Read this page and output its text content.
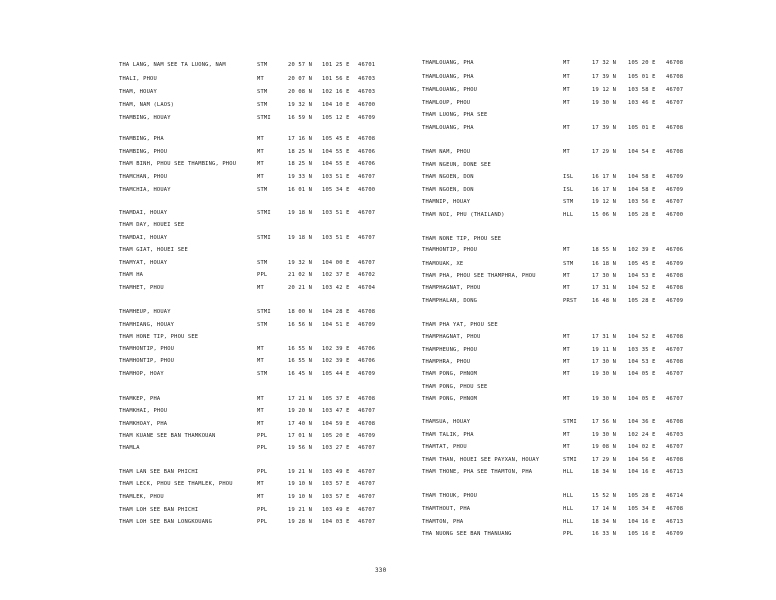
THA LANG, NAM SEE TA LUONG, NAM	STM	20 57 N 101 25 E 46701
THALI, PHOU	MT	20 07 N 101 56 E 46703
THAM, HOUAY	STM	20 08 N 102 16 E 46703
THAM, NAM (LAOS)	STM	19 32 N 104 10 E 46700
THAMBING, HOUAY	STMI	16 59 N 105 12 E 46709
THAMBING, PHA	MT	17 16 N 105 45 E 46708
THAMBING, PHOU	MT	18 25 N 104 55 E 46706
THAM BINH, PHOU SEE THAMBING, PHOU	MT	18 25 N 104 55 E 46706
THAMCHAN, PHOU	MT	19 33 N 103 51 E 46707
THAMCHIA, HOUAY	STM	16 01 N 105 34 E 46700
THAMDAI, HOUAY	STMI	19 18 N 103 51 E 46707
THAM DAY, HOUEI SEE
THAMDAI, HOUAY	STMI	19 18 N 103 51 E 46707
THAM GIAT, HOUEI SEE
THAMYAT, HOUAY	STM	19 32 N 104 00 E 46707
THAM HA	PPL	21 02 N 102 37 E 46702
THAMHET, PHOU	MT	20 21 N 103 42 E 46704
THAMHEUP, HOUAY	STMI	18 00 N 104 28 E 46708
THAMHIANG, HOUAY	STM	16 56 N 104 51 E 46709
THAM HONE TIP, PHOU SEE
THAMHONTIP, PHOU	MT	16 55 N 102 39 E 46706
THAMHONTIP, PHOU	MT	16 55 N 102 39 E 46706
THAMHOP, HOAY	STM	16 45 N 105 44 E 46709
THAMKEP, PHA	MT	17 21 N 105 37 E 46708
THAMKHAI, PHOU	MT	19 20 N 103 47 E 46707
THAMKHOAY, PHA	MT	17 40 N 104 59 E 46708
THAM KUANE SEE BAN THAMKOUAN	PPL	17 01 N 105 20 E 46709
THAMLA	PPL	19 56 N 103 27 E 46707
THAM LAN SEE BAN PHICHI	PPL	19 21 N 103 49 E 46707
THAM LECK, PHOU SEE THAMLEK, PHOU	MT	19 10 N 103 57 E 46707
THAMLEK, PHOU	MT	19 10 N 103 57 E 46707
THAM LOH SEE BAN PHICHI	PPL	19 21 N 103 49 E 46707
THAM LOH SEE BAN LONGKOUANG	PPL	19 28 N 104 03 E 46707
THAMLOUANG, PHA	MT	17 32 N 105 20 E 46708
THAMLOUANG, PHA	MT	17 39 N 105 01 E 46708
THAMLOUANG, PHOU	MT	19 12 N 103 58 E 46707
THAMLOUP, PHOU	MT	19 30 N 103 46 E 46707
THAM LUONG, PHA SEE
THAMLOUANG, PHA	MT	17 39 N 105 01 E 46708
THAM NAM, PHOU	MT	17 29 N 104 54 E 46708
THAM NGEUN, DONE SEE
THAM NGOEN, DON	ISL	16 17 N 104 58 E 46709
THAM NGOEN, DON	ISL	16 17 N 104 58 E 46709
THAMNIP, HOUAY	STM	19 12 N 103 56 E 46707
THAM NOI, PHU (THAILAND)	HLL	15 06 N 105 28 E 46700
THAM NONE TIP, PHOU SEE
THAMHONTIP, PHOU	MT	18 55 N 102 39 E 46706
THAMOUAK, XE	STM	16 18 N 105 45 E 46709
THAM PHA, PHOU SEE THAMPHRA, PHOU	MT	17 30 N 104 53 E 46708
THAMPHAGNAT, PHOU	MT	17 31 N 104 52 E 46708
THAMPHALAN, DONG	PRST	16 48 N 105 28 E 46709
THAM PHA YAT, PHOU SEE
THAMPHAGNAT, PHOU	MT	17 31 N 104 52 E 46708
THAMPHEUNG, PHOU	MT	19 11 N 103 35 E 46707
THAMPHRA, PHOU	MT	17 30 N 104 53 E 46708
THAM PONG, PHNOM	MT	19 30 N 104 05 E 46707
THAM PONG, PHOU SEE
THAM PONG, PHNOM	MT	19 30 N 104 05 E 46707
THAMSUA, HOUAY	STMI	17 56 N 104 36 E 46708
THAM TALIK, PHA	MT	19 30 N 102 24 E 46703
THAMTAT, PHOU	MT	19 08 N 104 02 E 46707
THAM THAN, HOUEI SEE PAYXAN, HOUAY	STMI	17 29 N 104 56 E 46708
THAM THONE, PHA SEE THAMTON, PHA	HLL	18 34 N 104 16 E 46713
THAM THOUK, PHOU	HLL	15 52 N 105 28 E 46714
THAMTHOUT, PHA	HLL	17 14 N 105 34 E 46708
THAMTON, PHA	HLL	18 34 N 104 16 E 46713
THA NUONG SEE BAN THANUANG	PPL	16 33 N 105 16 E 46709
330
